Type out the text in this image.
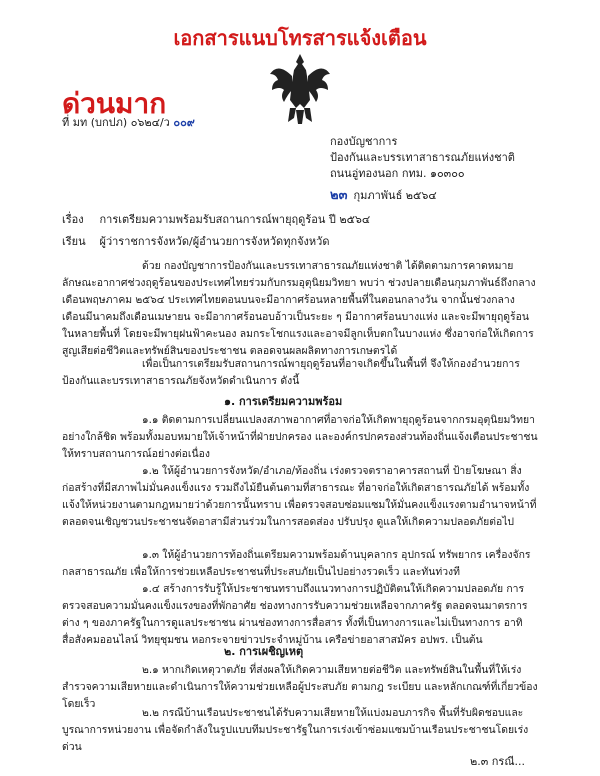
เอกสารแนบโทรสารแจ้งเตือน
ด่วนมาก
ที่ มท (บกปภ) ๐๖๒๔/ว ๐๐๙
กองบัญชาการ
ป้องกันและบรรเทาสาธารณภัยแห่งชาติ
ถนนอู่ทองนอก กทม. ๑๐๓๐๐
๒๓ กุมภาพันธ์ ๒๕๖๔
เรื่อง การเตรียมความพร้อมรับสถานการณ์พายุฤดูร้อน ปี ๒๕๖๔
เรียน ผู้ว่าราชการจังหวัด/ผู้อำนวยการจังหวัดทุกจังหวัด
ด้วย กองบัญชาการป้องกันและบรรเทาสาธารณภัยแห่งชาติ ได้ติดตามการคาดหมายลักษณะอากาศช่วงฤดูร้อนของประเทศไทยร่วมกับกรมอุตุนิยมวิทยา พบว่า ช่วงปลายเดือนกุมภาพันธ์ถึงกลางเดือนพฤษภาคม ๒๕๖๔ ประเทศไทยตอนบนจะมีอากาศร้อนหลายพื้นที่ในตอนกลางวัน จากนั้นช่วงกลางเดือนมีนาคมถึงเดือนเมษายน จะมีอากาศร้อนอบอ้าวเป็นระยะ ๆ มีอากาศร้อนบางแห่ง และจะมีพายุฤดูร้อนในหลายพื้นที่ โดยจะมีพายุฝนฟ้าคะนอง ลมกระโชกแรงและอาจมีลูกเห็บตกในบางแห่ง ซึ่งอาจก่อให้เกิดการสูญเสียต่อชีวิตและทรัพย์สินของประชาชน ตลอดจนผลผลิตทางการเกษตรได้
เพื่อเป็นการเตรียมรับสถานการณ์พายุฤดูร้อนที่อาจเกิดขึ้นในพื้นที่ จึงให้กองอำนวยการป้องกันและบรรเทาสาธารณภัยจังหวัดดำเนินการ ดังนี้
๑. การเตรียมความพร้อม
๑.๑ ติดตามการเปลี่ยนแปลงสภาพอากาศที่อาจก่อให้เกิดพายุฤดูร้อนจากกรมอุตุนิยมวิทยาอย่างใกล้ชิด พร้อมทั้งมอบหมายให้เจ้าหน้าที่ฝ่ายปกครอง และองค์กรปกครองส่วนท้องถิ่นแจ้งเตือนประชาชนให้ทราบสถานการณ์อย่างต่อเนื่อง
๑.๒ ให้ผู้อำนวยการจังหวัด/อำเภอ/ท้องถิ่น เร่งตรวจตราอาคารสถานที่ ป้ายโฆษณา สิ่งก่อสร้างที่มีสภาพไม่มั่นคงแข็งแรง รวมถึงไม้ยืนต้นตามที่สาธารณะ ที่อาจก่อให้เกิดสาธารณภัยได้ พร้อมทั้งแจ้งให้หน่วยงานตามกฎหมายว่าด้วยการนั้นทราบ เพื่อตรวจสอบซ่อมแซมให้มั่นคงแข็งแรงตามอำนาจหน้าที่ ตลอดจนเชิญชวนประชาชนจัดอาสามีส่วนร่วมในการสอดส่อง ปรับปรุง ดูแลให้เกิดความปลอดภัยต่อไป
๑.๓ ให้ผู้อำนวยการท้องถิ่นเตรียมความพร้อมด้านบุคลากร อุปกรณ์ ทรัพยากร เครื่องจักรกลสาธารณภัย เพื่อให้การช่วยเหลือประชาชนที่ประสบภัยเป็นไปอย่างรวดเร็ว และทันท่วงที
๑.๔ สร้างการรับรู้ให้ประชาชนทราบถึงแนวทางการปฏิบัติตนให้เกิดความปลอดภัย การตรวจสอบความมั่นคงแข็งแรงของที่พักอาศัย ช่องทางการรับความช่วยเหลือจากภาครัฐ ตลอดจนมาตรการต่าง ๆ ของภาครัฐในการดูแลประชาชน ผ่านช่องทางการสื่อสาร ทั้งที่เป็นทางการและไม่เป็นทางการ อาทิ สื่อสังคมออนไลน์ วิทยุชุมชน หอกระจายข่าวประจำหมู่บ้าน เครือข่ายอาสาสมัคร อปพร. เป็นต้น
๒. การเผชิญเหตุ
๒.๑ หากเกิดเหตุวาตภัย ที่ส่งผลให้เกิดความเสียหายต่อชีวิต และทรัพย์สินในพื้นที่ให้เร่งสำรวจความเสียหายและดำเนินการให้ความช่วยเหลือผู้ประสบภัย ตามกฎ ระเบียบ และหลักเกณฑ์ที่เกี่ยวข้องโดยเร็ว
๒.๒ กรณีบ้านเรือนประชาชนได้รับความเสียหายให้แบ่งมอบภารกิจ พื้นที่รับผิดชอบและบูรณาการหน่วยงาน เพื่อจัดกำลังในรูปแบบทีมประชารัฐในการเร่งเข้าซ่อมแซมบ้านเรือนประชาชนโดยเร่งด่วน
๒.๓ กรณี...
